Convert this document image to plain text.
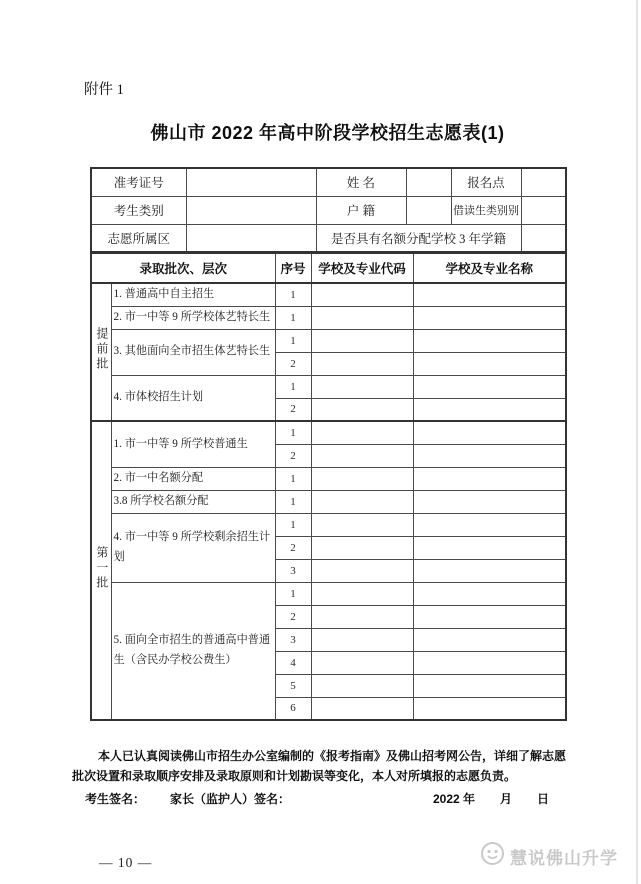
附件 1
佛山市 2022 年高中阶段学校招生志愿表(1)
准考证号		姓 名		报名点	
考生类别		户 籍		借读生类别别	
志愿所属区		是否具有名额分配学校 3 年学籍			
录取批次、层次		序号	学校及专业代码	学校及专业名称
提前批	1. 普通高中自主招生	1		
	2. 市一中等 9 所学校体艺特长生	1		
	3. 其他面向全市招生体艺特长生	1		
		2		
	4. 市体校招生计划	1		
		2		
第一批	1. 市一中等 9 所学校普通生	1		
		2		
	2. 市一中名额分配	1		
	3.8 所学校名额分配	1		
	4. 市一中等 9 所学校剩余招生计划	1		
		2		
		3		
	5. 面向全市招生的普通高中普通生（含民办学校公费生）	1		
		2		
		3		
		4		
		5		
		6		
本人已认真阅读佛山市招生办公室编制的《报考指南》及佛山招考网公告，详细了解志愿批次设置和录取顺序安排及录取原则和计划勘误等变化，本人对所填报的志愿负责。
考生签名： 家长（监护人）签名：	2022 年 月 日
— 10 —	慧说佛山升学
